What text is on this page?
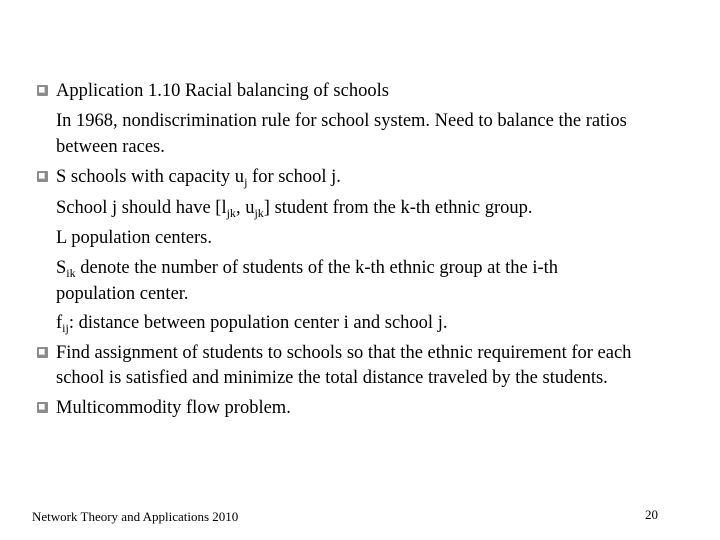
Application 1.10 Racial balancing of schools
In 1968, nondiscrimination rule for school system. Need to balance the ratios
between races.
S schools with capacity $u_j$ for school j.
School j should have [$l_{jk}$, $u_{jk}$] student from the k-th ethnic group.
L population centers.
$S_{ik}$ denote the number of students of the k-th ethnic group at the i-th
population center.
$f_{ij}$: distance between population center i and school j.
Find assignment of students to schools so that the ethnic requirement for each
school is satisfied and minimize the total distance traveled by the students.
Multicommodity flow problem.
Network Theory and Applications 2010	20
